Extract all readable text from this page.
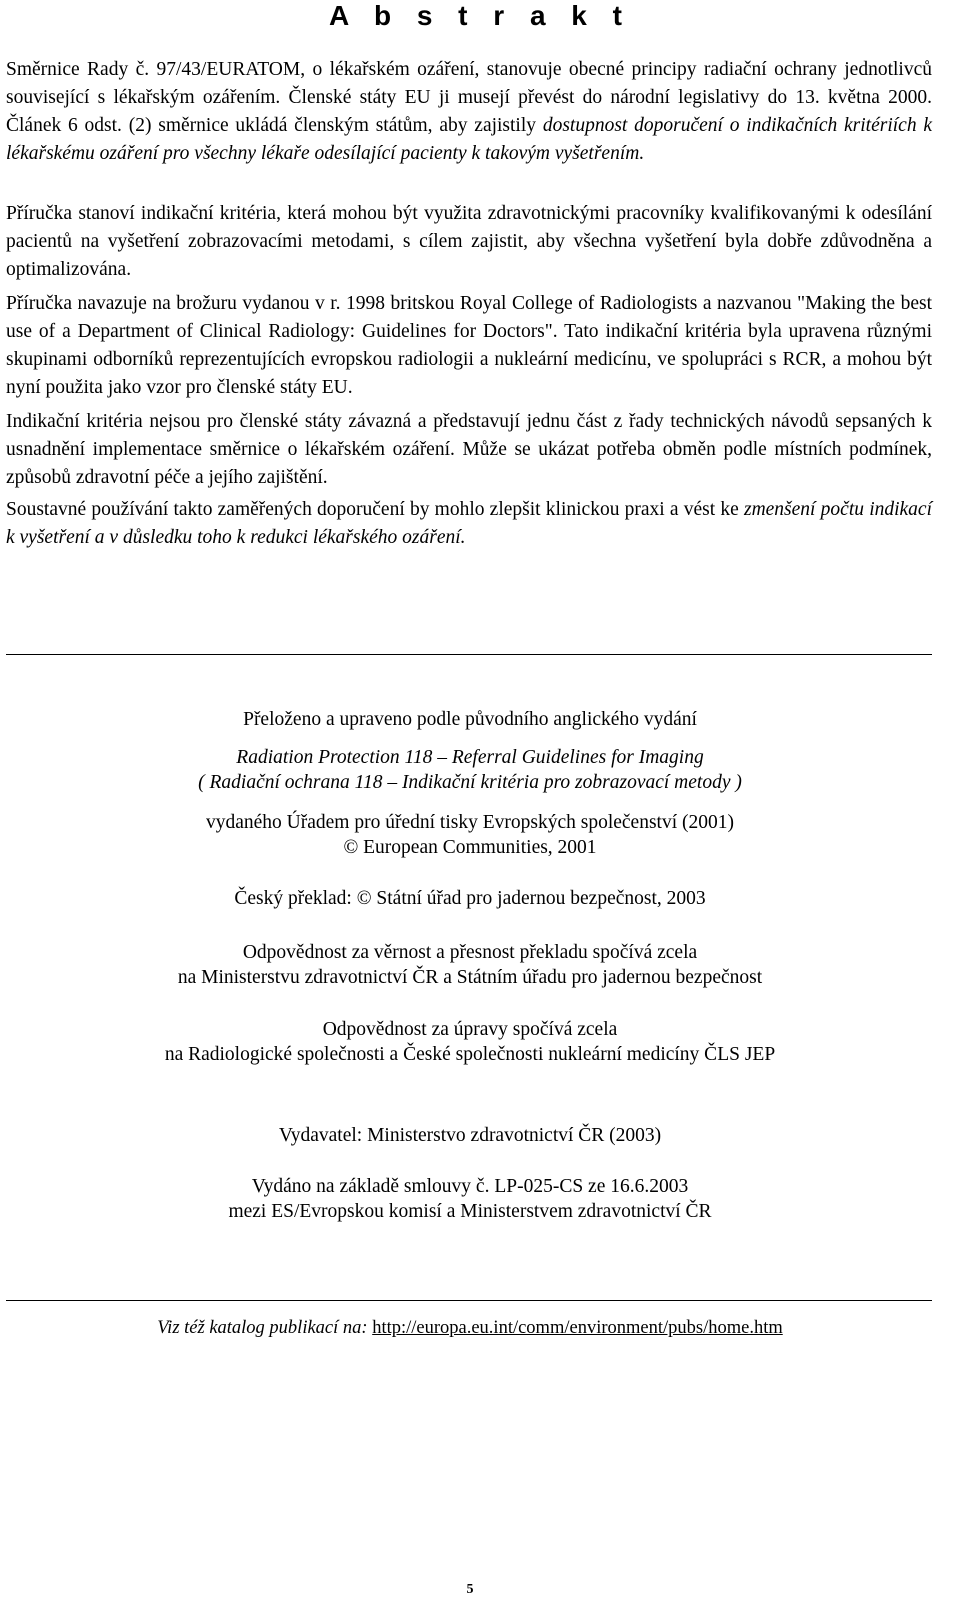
A b s t r a k t

Směrnice Rady č. 97/43/EURATOM, o lékařském ozáření, stanovuje obecné principy radiační ochrany jednotlivců související s lékařským ozářením. Členské státy EU ji musejí převést do národní legislativy do 13. května 2000. Článek 6 odst. (2) směrnice ukládá členským státům, aby zajistily dostupnost doporučení o indikačních kritériích k lékařskému ozáření pro všechny lékaře odesílající pacienty k takovým vyšetřením.

Příručka stanoví indikační kritéria, která mohou být využita zdravotnickými pracovníky kvalifikovanými k odesílání pacientů na vyšetření zobrazovacími metodami, s cílem zajistit, aby všechna vyšetření byla dobře zdůvodněna a optimalizována.

Příručka navazuje na brožuru vydanou v r. 1998 britskou Royal College of Radiologists a nazvanou "Making the best use of a Department of Clinical Radiology: Guidelines for Doctors". Tato indikační kritéria byla upravena různými skupinami odborníků reprezentujících evropskou radiologii a nukleární medicínu, ve spolupráci s RCR, a mohou být nyní použita jako vzor pro členské státy EU.

Indikační kritéria nejsou pro členské státy závazná a představují jednu část z řady technických návodů sepsaných k usnadnění implementace směrnice o lékařském ozáření. Může se ukázat potřeba obměn podle místních podmínek, způsobů zdravotní péče a jejího zajištění.

Soustavné používání takto zaměřených doporučení by mohlo zlepšit klinickou praxi a vést ke zmenšení počtu indikací k vyšetření a v důsledku toho k redukci lékařského ozáření.

Přeloženo a upraveno podle původního anglického vydání

Radiation Protection 118 – Referral Guidelines for Imaging
( Radiační ochrana 118 – Indikační kritéria pro zobrazovací metody )

vydaného Úřadem pro úřední tisky Evropských společenství (2001)
© European Communities, 2001

Český překlad: © Státní úřad pro jadernou bezpečnost, 2003

Odpovědnost za věrnost a přesnost překladu spočívá zcela
na Ministerstvu zdravotnictví ČR a Státním úřadu pro jadernou bezpečnost

Odpovědnost za úpravy spočívá zcela
na Radiologické společnosti a České společnosti nukleární medicíny ČLS JEP

Vydavatel: Ministerstvo zdravotnictví ČR (2003)

Vydáno na základě smlouvy č. LP-025-CS ze 16.6.2003
mezi ES/Evropskou komisí a Ministerstvem zdravotnictví ČR

Viz též katalog publikací na: http://europa.eu.int/comm/environment/pubs/home.htm

5
